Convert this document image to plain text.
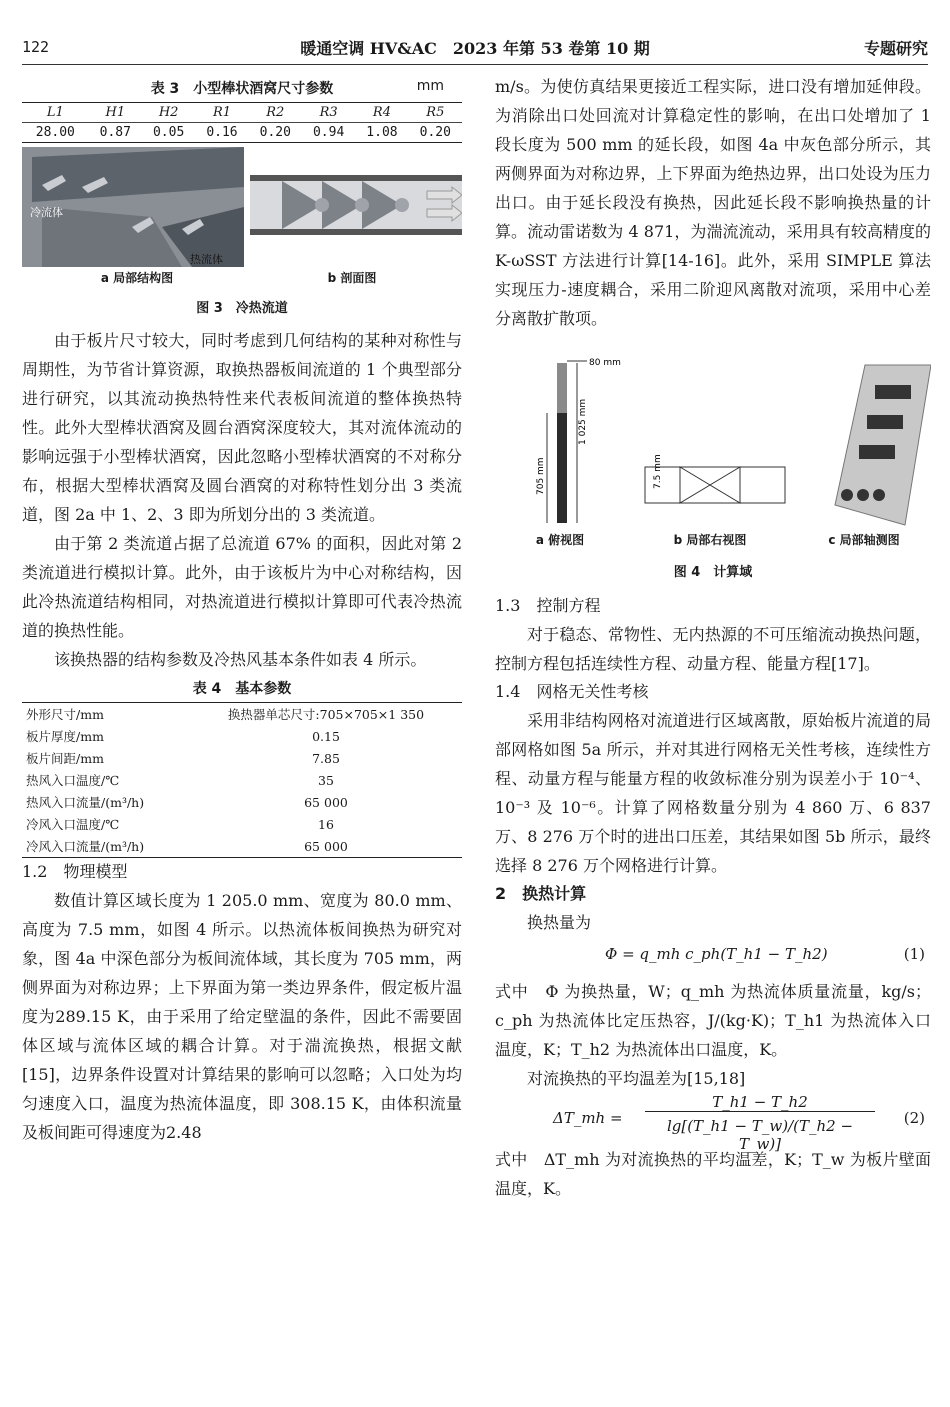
122	暖通空调 HV&AC　2023 年第 53 卷第 10 期	专题研究
表 3　小型棒状酒窝尺寸参数	mm
L1	H1	H2	R1	R2	R3	R4	R5
28.00	0.87	0.05	0.16	0.20	0.94	1.08	0.20
冷流体
热流体
a 局部结构图	b 剖面图
图 3　冷热流道

由于板片尺寸较大，同时考虑到几何结构的某种对称性与周期性，为节省计算资源，取换热器板间流道的 1 个典型部分进行研究，以其流动换热特性来代表板间流道的整体换热特性。此外大型棒状酒窝及圆台酒窝深度较大，其对流体流动的影响远强于小型棒状酒窝，因此忽略小型棒状酒窝的不对称分布，根据大型棒状酒窝及圆台酒窝的对称特性划分出 3 类流道，图 2a 中 1、2、3 即为所划分出的 3 类流道。

由于第 2 类流道占据了总流道 67% 的面积，因此对第 2 类流道进行模拟计算。此外，由于该板片为中心对称结构，因此冷热流道结构相同，对热流道进行模拟计算即可代表冷热流道的换热性能。

该换热器的结构参数及冷热风基本条件如表 4 所示。

表 4　基本参数
外形尺寸/mm	换热器单芯尺寸:705×705×1 350
板片厚度/mm	0.15
板片间距/mm	7.85
热风入口温度/℃	35
热风入口流量/(m³/h)	65 000
冷风入口温度/℃	16
冷风入口流量/(m³/h)	65 000
1.2　物理模型

数值计算区域长度为 1 205.0 mm、宽度为 80.0 mm、高度为 7.5 mm，如图 4 所示。以热流体板间换热为研究对象，图 4a 中深色部分为板间流体域，其长度为 705 mm，两侧界面为对称边界；上下界面为第一类边界条件，假定板片温度为289.15 K，由于采用了给定壁温的条件，因此不需要固体区域与流体区域的耦合计算。对于湍流换热，根据文献[15]，边界条件设置对计算结果的影响可以忽略；入口处为均匀速度入口，温度为热流体温度，即 308.15 K，由体积流量及板间距可得速度为2.48

m/s。为使仿真结果更接近工程实际，进口没有增加延伸段。为消除出口处回流对计算稳定性的影响，在出口处增加了 1 段长度为 500 mm 的延长段，如图 4a 中灰色部分所示，其两侧界面为对称边界，上下界面为绝热边界，出口处设为压力出口。由于延长段没有换热，因此延长段不影响换热量的计算。流动雷诺数为 4 871，为湍流流动，采用具有较高精度的 K-ωSST 方法进行计算[14-16]。此外，采用 SIMPLE 算法实现压力-速度耦合，采用二阶迎风离散对流项，采用中心差分离散扩散项。

80 mm
1 025 mm
705 mm	7.5 mm
a 俯视图	b 局部右视图	c 局部轴测图
图 4　计算域
1.3　控制方程

对于稳态、常物性、无内热源的不可压缩流动换热问题，控制方程包括连续性方程、动量方程、能量方程[17]。

1.4　网格无关性考核

采用非结构网格对流道进行区域离散，原始板片流道的局部网格如图 5a 所示，并对其进行网格无关性考核，连续性方程、动量方程与能量方程的收敛标准分别为误差小于 10⁻⁴、10⁻³ 及 10⁻⁶。计算了网格数量分别为 4 860 万、6 837 万、8 276 万个时的进出口压差，其结果如图 5b 所示，最终选择 8 276 万个网格进行计算。

2　换热计算

换热量为

Φ = q_mh c_ph(T_h1 − T_h2)	(1)

式中　Φ 为换热量，W；q_mh 为热流体质量流量，kg/s；c_ph 为热流体比定压热容，J/(kg·K)；T_h1 为热流体入口温度，K；T_h2 为热流体出口温度，K。

对流换热的平均温差为[15,18]

ΔT_mh =
T_h1 − T_h2
lg[(T_h1 − T_w)/(T_h2 − T_w)]
(2)

式中　ΔT_mh 为对流换热的平均温差，K；T_w 为板片壁面温度，K。
